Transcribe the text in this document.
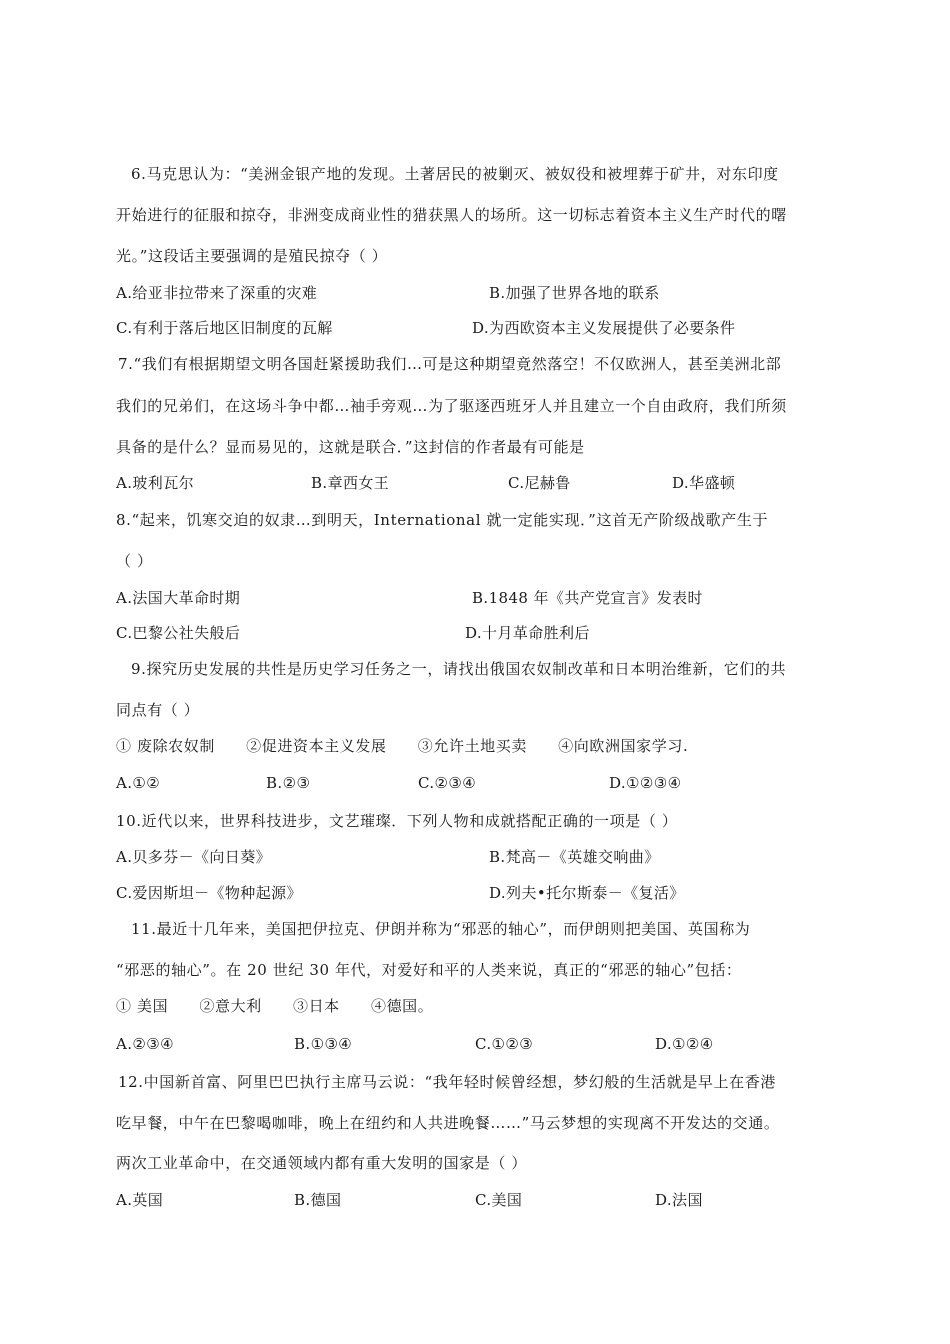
6.马克思认为：“美洲金银产地的发现。土著居民的被剿灭、被奴役和被埋葬于矿井，对东印度
开始进行的征服和掠夺，非洲变成商业性的猎获黑人的场所。这一切标志着资本主义生产时代的曙
光。”这段话主要强调的是殖民掠夺（ ）
A.给亚非拉带来了深重的灾难	B.加强了世界各地的联系
C.有利于落后地区旧制度的瓦解	D.为西欧资本主义发展提供了必要条件
7.“我们有根据期望文明各国赶紧援助我们…可是这种期望竟然落空！不仅欧洲人，甚至美洲北部
我们的兄弟们，在这场斗争中都…袖手旁观…为了驱逐西班牙人并且建立一个自由政府，我们所须
具备的是什么？显而易见的，这就是联合．”这封信的作者最有可能是
A.玻利瓦尔	B.章西女王	C.尼赫鲁	D.华盛顿
8.“起来，饥寒交迫的奴隶…到明天，International 就一定能实现．”这首无产阶级战歌产生于
（ ）
A.法国大革命时期	B.1848 年《共产党宣言》发表时
C.巴黎公社失般后	D.十月革命胜利后
9.探究历史发展的共性是历史学习任务之一，请找出俄国农奴制改革和日本明治维新，它们的共
同点有（ ）
① 废除农奴制　　②促进资本主义发展　　③允许土地买卖　　④向欧洲国家学习.
A.①②	B.②③	C.②③④	D.①②③④
10.近代以来，世界科技进步，文艺璀璨．下列人物和成就搭配正确的一项是（ ）
A.贝多芬－《向日葵》	B.梵高－《英雄交响曲》
C.爱因斯坦－《物种起源》	D.列夫•托尔斯泰－《复活》
11.最近十几年来，美国把伊拉克、伊朗并称为“邪恶的轴心”，而伊朗则把美国、英国称为
“邪恶的轴心”。在 20 世纪 30 年代，对爱好和平的人类来说，真正的“邪恶的轴心”包括：
① 美国　　②意大利　　③日本　　④德国。
A.②③④	B.①③④	C.①②③	D.①②④
12.中国新首富、阿里巴巴执行主席马云说：“我年轻时候曾经想，梦幻般的生活就是早上在香港
吃早餐，中午在巴黎喝咖啡，晚上在纽约和人共进晚餐……”马云梦想的实现离不开发达的交通。
两次工业革命中，在交通领域内都有重大发明的国家是（ ）
A.英国	B.德国	C.美国	D.法国
